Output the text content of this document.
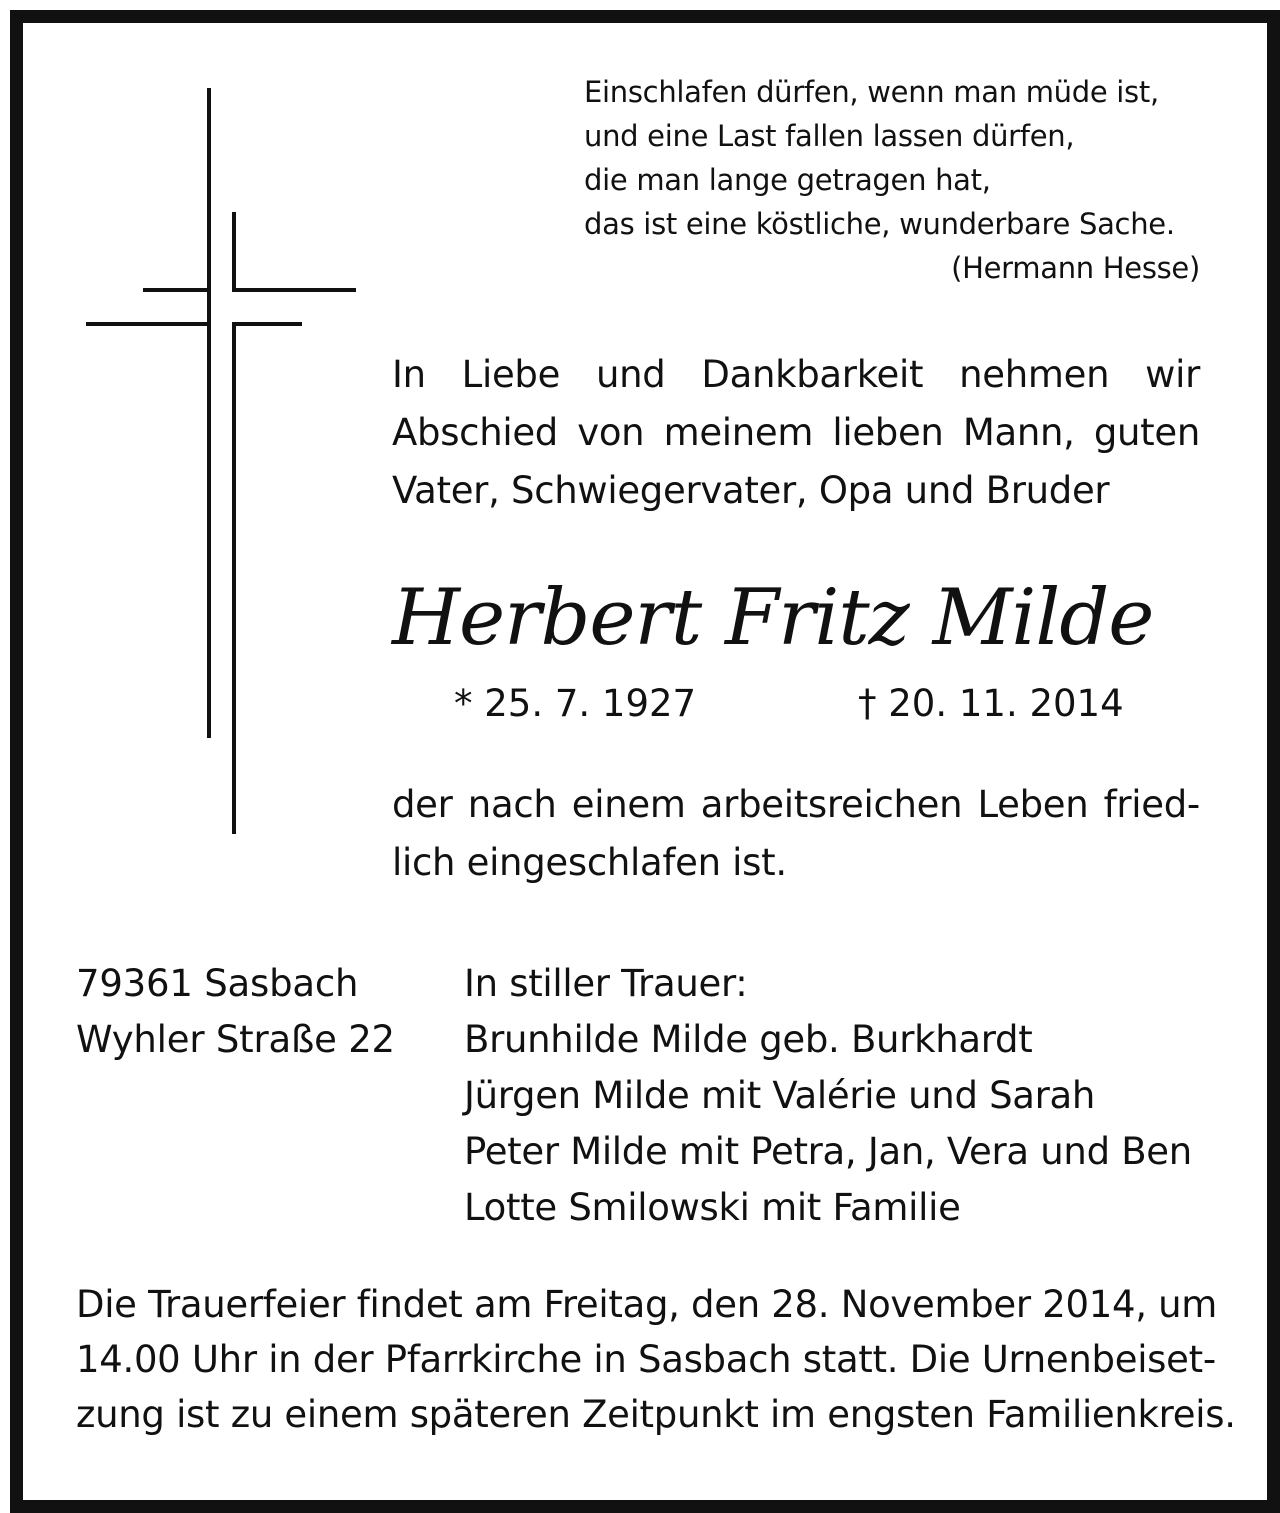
Einschlafen dürfen, wenn man müde ist,
und eine Last fallen lassen dürfen,
die man lange getragen hat,
das ist eine köstliche, wunderbare Sache.
(Hermann Hesse)
In Liebe und Dankbarkeit nehmen wir
Abschied von meinem lieben Mann, guten
Vater, Schwiegervater, Opa und Bruder
Herbert Fritz Milde
* 25. 7. 1927	† 20. 11. 2014
der nach einem arbeitsreichen Leben fried-
lich eingeschlafen ist.
79361 Sasbach
Wyhler Straße 22
In stiller Trauer:
Brunhilde Milde geb. Burkhardt
Jürgen Milde mit Valérie und Sarah
Peter Milde mit Petra, Jan, Vera und Ben
Lotte Smilowski mit Familie
Die Trauerfeier findet am Freitag, den 28. November 2014, um
14.00 Uhr in der Pfarrkirche in Sasbach statt. Die Urnenbeiset-
zung ist zu einem späteren Zeitpunkt im engsten Familienkreis.
